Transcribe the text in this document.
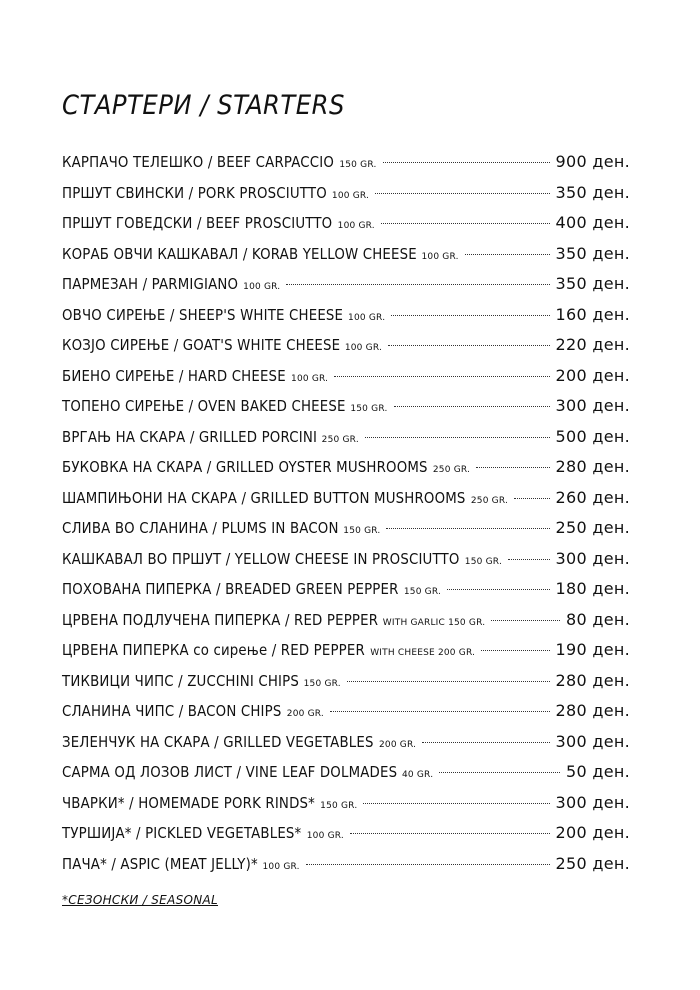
СТАРТЕРИ / STARTERS
КАРПАЧО ТЕЛЕШКО / BEEF CARPACCIO 150 GR.	900 ден.
ПРШУТ СВИНСКИ / PORK PROSCIUTTO 100 GR.	350 ден.
ПРШУТ ГОВЕДСКИ / BEEF PROSCIUTTO 100 GR.	400 ден.
КОРАБ ОВЧИ КАШКАВАЛ / KORAB YELLOW CHEESE 100 GR.	350 ден.
ПАРМЕЗАН / PARMIGIANO 100 GR.	350 ден.
ОВЧО СИРЕЊЕ / SHEEP'S WHITE CHEESE 100 GR.	160 ден.
КОЗЈО СИРЕЊЕ / GOAT'S WHITE CHEESE 100 GR.	220 ден.
БИЕНО СИРЕЊЕ / HARD CHEESE 100 GR.	200 ден.
ТОПЕНО СИРЕЊЕ / OVEN BAKED CHEESE 150 GR.	300 ден.
ВРГАЊ НА СКАРА / GRILLED PORCINI 250 GR.	500 ден.
БУКОВКА НА СКАРА / GRILLED OYSTER MUSHROOMS 250 GR.	280 ден.
ШАМПИЊОНИ НА СКАРА / GRILLED BUTTON MUSHROOMS 250 GR.	260 ден.
СЛИВА ВО СЛАНИНА / PLUMS IN BACON 150 GR.	250 ден.
КАШКАВАЛ ВО ПРШУТ / YELLOW CHEESE IN PROSCIUTTO 150 GR.	300 ден.
ПОХОВАНА ПИПЕРКА / BREADED GREEN PEPPER 150 GR.	180 ден.
ЦРВЕНА ПОДЛУЧЕНА ПИПЕРКА / RED PEPPER WITH GARLIC 150 GR.	80 ден.
ЦРВЕНА ПИПЕРКА со сирење / RED PEPPER WITH CHEESE 200 GR.	190 ден.
ТИКВИЦИ ЧИПС / ZUCCHINI CHIPS 150 GR.	280 ден.
СЛАНИНА ЧИПС / BACON CHIPS 200 GR.	280 ден.
ЗЕЛЕНЧУК НА СКАРА / GRILLED VEGETABLES 200 GR.	300 ден.
САРМА ОД ЛОЗОВ ЛИСТ / VINE LEAF DOLMADES 40 GR.	50 ден.
ЧВАРКИ* / HOMEMADE PORK RINDS* 150 GR.	300 ден.
ТУРШИЈА* / PICKLED VEGETABLES* 100 GR.	200 ден.
ПАЧА* / ASPIC (MEAT JELLY)* 100 GR.	250 ден.
*СЕЗОНСКИ / SEASONAL
